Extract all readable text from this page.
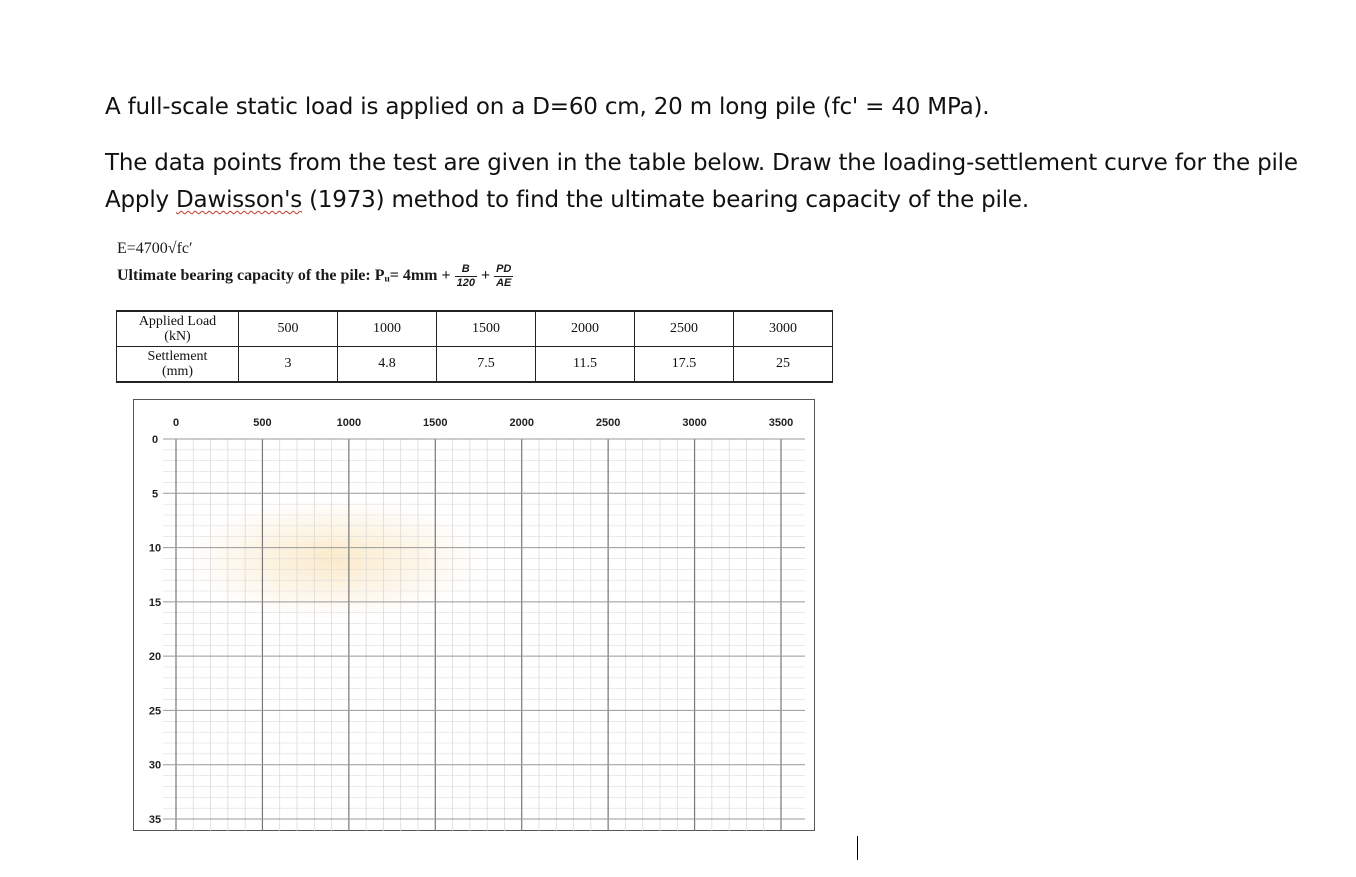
A full-scale static load is applied on a D=60 cm, 20 m long pile (fc' = 40 MPa).
The data points from the test are given in the table below. Draw the loading-settlement curve for the pile
Apply Dawisson's (1973) method to find the ultimate bearing capacity of the pile.
E=4700√fc′
Ultimate bearing capacity of the pile: Pᵤ= $4mm + \frac{B}{120} + \frac{PD}{AE}$
Applied Load
(kN)	500	1000	1500	2000	2500	3000
Settlement
(mm)	3	4.8	7.5	11.5	17.5	25
0	500	1000	1500	2000	2500	3000	3500
0
5
10
15
20
25
30
35
